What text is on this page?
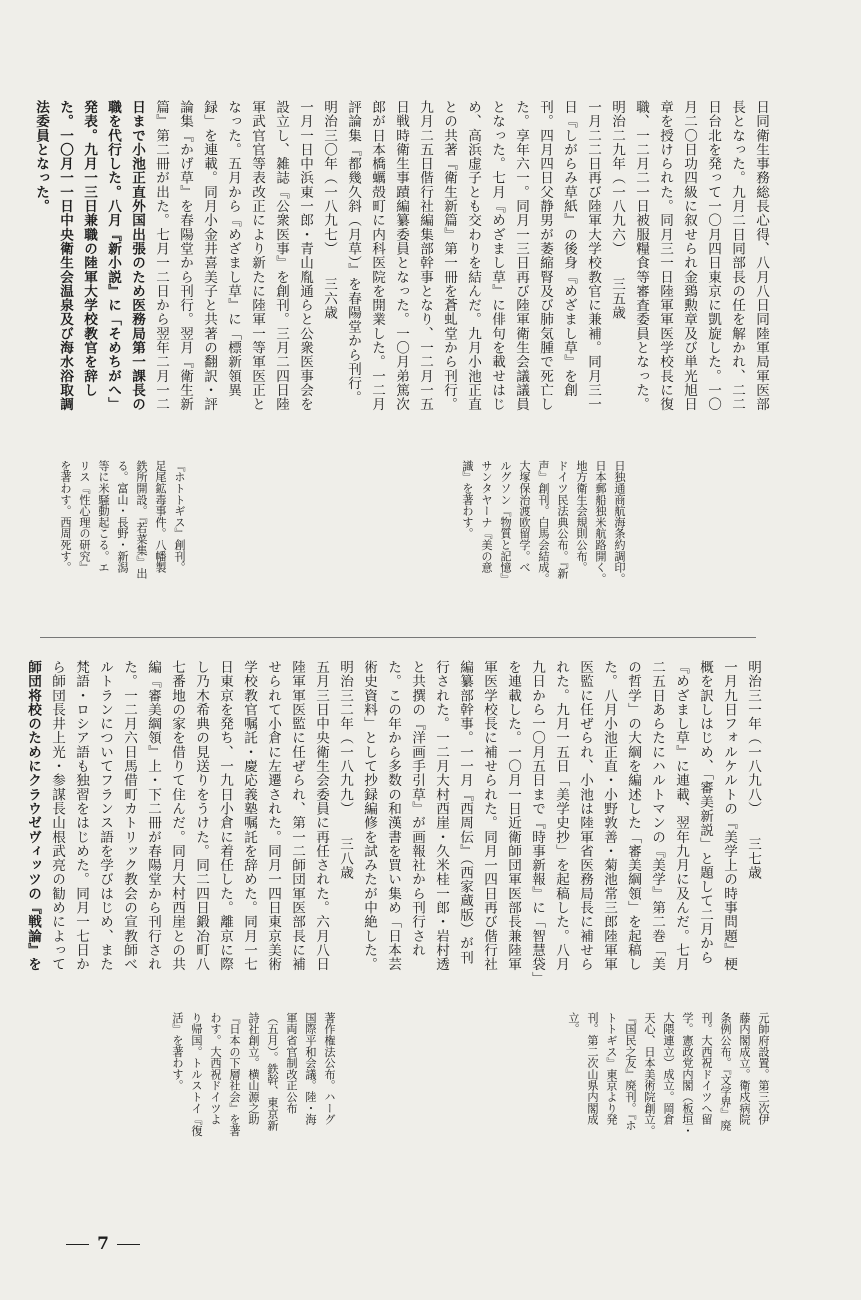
日同衛生事務総長心得、八月八日同陸軍局軍医部
長となった。九月二日同部長の任を解かれ、二二
日台北を発って一〇月四日東京に凱旋した。一〇
月二〇日功四級に叙せられ金鵄勲章及び単光旭日
章を授けられた。同月三一日陸軍軍医学校長に復
職、一二月二一日被服糧食等審査委員となった。
明治二九年（一八九六）　　三五歳
一月二二日再び陸軍大学校教官に兼補。同月三一
日『しがらみ草紙』の後身『めざまし草』を創
刊。四月四日父静男が萎縮腎及び肺気腫で死亡し
た。享年六一。同月一三日再び陸軍衛生会議議員
となった。七月『めざまし草』に俳句を載せはじ
め、高浜虚子とも交わりを結んだ。九月小池正直
との共著『衛生新篇』第一冊を蒼虬堂から刊行。
九月二五日偕行社編集部幹事となり、一二月一五
日戦時衛生事蹟編纂委員となった。一〇月弟篤次
郎が日本橋蠣殻町に内科医院を開業した。一二月
評論集『都幾久斜（月草）』を春陽堂から刊行。
明治三〇年（一八九七）　　三六歳
一月一日中浜東一郎・青山胤通らと公衆医事会を
設立し、雑誌『公衆医事』を創刊。三月二四日陸
軍武官官等表改正により新たに陸軍一等軍医正と
なった。五月から『めざまし草』に「標新領異
録」を連載。同月小金井喜美子と共著の翻訳・評
論集『かげ草』を春陽堂から刊行。翌月『衛生新
篇』第二冊が出た。七月一二日から翌年二月一二
日まで小池正直外国出張のため医務局第一課長の
職を代行した。八月『新小説』に「そめちがへ」
発表。九月一三日兼職の陸軍大学校教官を辞し
た。一〇月一一日中央衛生会温泉及び海水浴取調
法委員となった。
日独通商航海条約調印。
日本郵船独米航路開く。
地方衛生会規則公布。
ドイツ民法典公布。『新
声』創刊。白馬会結成。
大塚保治渡欧留学。べ
ルグソン『物質と記憶』
サンタヤーナ『美の意
識』を著わす。
『ホトトギス』創刊。
足尾鉱毒事件。八幡製
鉄所開設。『若菜集』出
る。富山・長野・新潟
等に米騒動起こる。エ
リス『性心理の研究』
を著わす。西周死す。
明治三一年（一八九八）　　三七歳
一月九日フォルケルトの『美学上の時事問題』梗
概を訳しはじめ、「審美新説」と題して二月から
『めざまし草』に連載、翌年九月に及んだ。七月
二五日あらたにハルトマンの『美学』第二巻「美
の哲学」の大綱を編述した「審美綱領」を起稿し
た。八月小池正直・小野敦善・菊池常三郎陸軍軍
医監に任ぜられ、小池は陸軍省医務局長に補せら
れた。九月一五日「美学史抄」を起稿した。八月
九日から一〇月五日まで『時事新報』に「智慧袋」
を連載した。一〇月一日近衛師団軍医部長兼陸軍
軍医学校長に補せられた。同月一四日再び偕行社
編纂部幹事。一一月『西周伝』（西家蔵版）が刊
行された。一二月大村西崖・久米桂一郎・岩村透
と共撰の『洋画手引草』が画報社から刊行され
た。この年から多数の和漢書を買い集め「日本芸
術史資料」として抄録編修を試みたが中絶した。
明治三二年（一八九九）　　三八歳
五月三日中央衛生会委員に再任された。六月八日
陸軍軍医監に任ぜられ、第一二師団軍医部長に補
せられて小倉に左遷された。同月一四日東京美術
学校教官嘱託・慶応義塾嘱託を辞めた。同月一七
日東京を発ち、一九日小倉に着任した。離京に際
し乃木希典の見送りをうけた。同二四日鍛冶町八
七番地の家を借りて住んだ。同月大村西崖との共
編『審美綱領』上・下二冊が春陽堂から刊行され
た。一二月六日馬借町カトリック教会の宣教師べ
ルトランについてフランス語を学びはじめ、また
梵語・ロシア語も独習をはじめた。同月一七日か
ら師団長井上光・参謀長山根武亮の勧めによって
師団将校のためにクラウゼヴィッツの『戦論』を
元帥府設置。第三次伊
藤内閣成立。衛戍病院
条例公布。『文学界』廃
刊。大西祝ドイツへ留
学。憲政党内閣（板垣・
大隈連立）成立。岡倉
天心、日本美術院創立。
『国民之友』廃刊。『ホ
トトギス』東京より発
刊。第二次山県内閣成
立。
著作権法公布。ハーグ
国際平和会議。陸・海
軍両省官制改正公布
（五月）。鉄幹、東京新
詩社創立。横山源之助
『日本の下層社会』を著
わす。大西祝ドイツよ
り帰国。トルストイ『復
活』を著わす。
7
